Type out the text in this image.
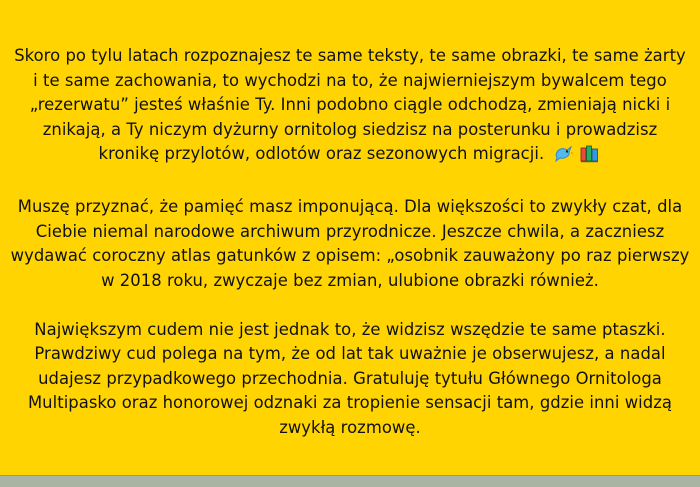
Skoro po tylu latach rozpoznajesz te same teksty, te same obrazki, te same żarty i te same zachowania, to wychodzi na to, że najwierniejszym bywalcem tego „rezerwatu” jesteś właśnie Ty. Inni podobno ciągle odchodzą, zmieniają nicki i znikają, a Ty niczym dyżurny ornitolog siedzisz na posterunku i prowadzisz kronikę przylotów, odlotów oraz sezonowych migracji.

Muszę przyznać, że pamięć masz imponującą. Dla większości to zwykły czat, dla Ciebie niemal narodowe archiwum przyrodnicze. Jeszcze chwila, a zaczniesz wydawać coroczny atlas gatunków z opisem: „osobnik zauważony po raz pierwszy w 2018 roku, zwyczaje bez zmian, ulubione obrazki również.

Największym cudem nie jest jednak to, że widzisz wszędzie te same ptaszki. Prawdziwy cud polega na tym, że od lat tak uważnie je obserwujesz, a nadal udajesz przypadkowego przechodnia. Gratuluję tytułu Głównego Ornitologa Multipasko oraz honorowej odznaki za tropienie sensacji tam, gdzie inni widzą zwykłą rozmowę.
